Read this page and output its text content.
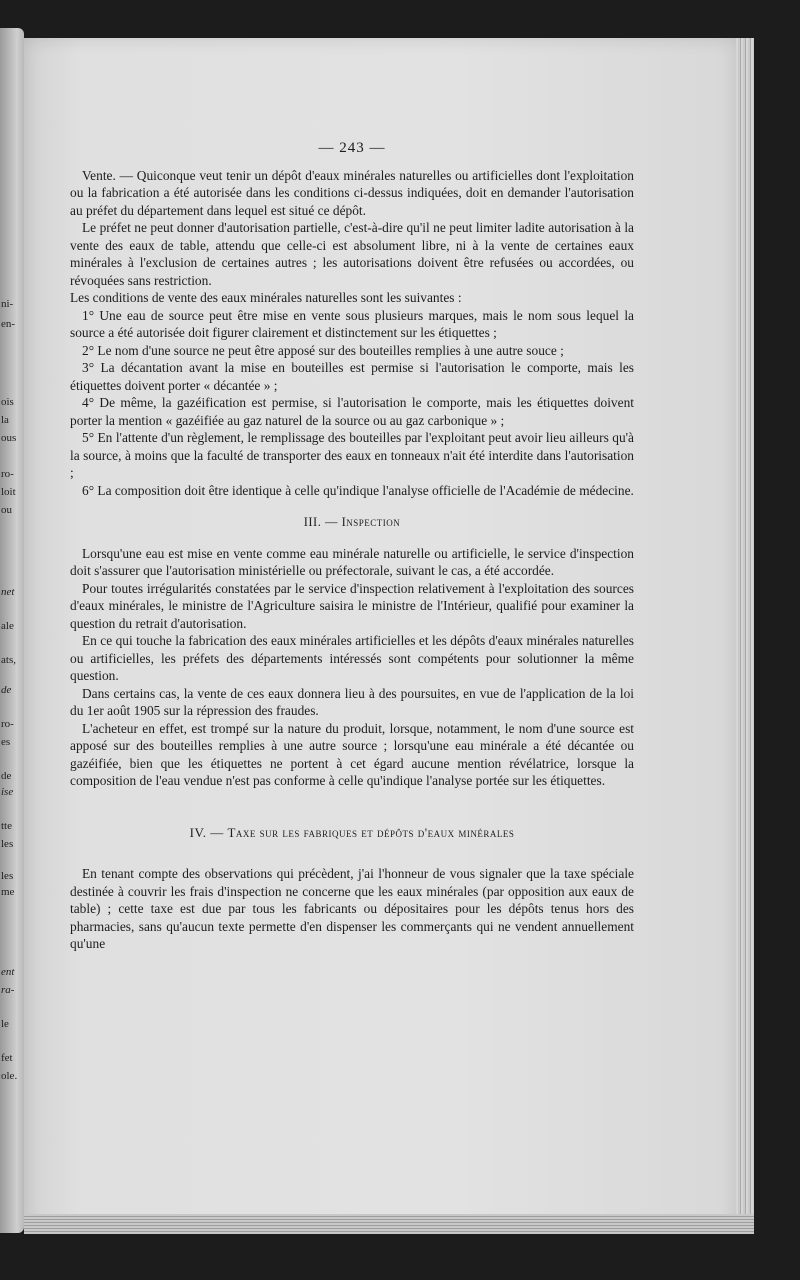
ni-
en-
ois
la
ous
ro-
loit
ou
net
ale
ats,
de
ro-
es
de
ise
tte
les
les
me
ent
ra-
le
fet
ole.
— 243 —

Vente. — Quiconque veut tenir un dépôt d'eaux minérales naturelles ou artificielles dont l'exploitation ou la fabrication a été autorisée dans les conditions ci-dessus indiquées, doit en demander l'autorisation au préfet du département dans lequel est situé ce dépôt.

Le préfet ne peut donner d'autorisation partielle, c'est-à-dire qu'il ne peut limiter ladite autorisation à la vente des eaux de table, attendu que celle-ci est absolument libre, ni à la vente de certaines eaux minérales à l'exclusion de certaines autres ; les autorisations doivent être refusées ou accordées, ou révoquées sans restriction.

Les conditions de vente des eaux minérales naturelles sont les suivantes :

1° Une eau de source peut être mise en vente sous plusieurs marques, mais le nom sous lequel la source a été autorisée doit figurer clairement et distinctement sur les étiquettes ;

2° Le nom d'une source ne peut être apposé sur des bouteilles remplies à une autre souce ;

3° La décantation avant la mise en bouteilles est permise si l'autorisation le comporte, mais les étiquettes doivent porter « décantée » ;

4° De même, la gazéification est permise, si l'autorisation le comporte, mais les étiquettes doivent porter la mention « gazéifiée au gaz naturel de la source ou au gaz carbonique » ;

5° En l'attente d'un règlement, le remplissage des bouteilles par l'exploitant peut avoir lieu ailleurs qu'à la source, à moins que la faculté de transporter des eaux en tonneaux n'ait été interdite dans l'autorisation ;

6° La composition doit être identique à celle qu'indique l'analyse officielle de l'Académie de médecine.

III. — Inspection

Lorsqu'une eau est mise en vente comme eau minérale naturelle ou artificielle, le service d'inspection doit s'assurer que l'autorisation ministérielle ou préfectorale, suivant le cas, a été accordée.

Pour toutes irrégularités constatées par le service d'inspection relativement à l'exploitation des sources d'eaux minérales, le ministre de l'Agriculture saisira le ministre de l'Intérieur, qualifié pour examiner la question du retrait d'autorisation.

En ce qui touche la fabrication des eaux minérales artificielles et les dépôts d'eaux minérales naturelles ou artificielles, les préfets des départements intéressés sont compétents pour solutionner la même question.

Dans certains cas, la vente de ces eaux donnera lieu à des poursuites, en vue de l'application de la loi du 1er août 1905 sur la répression des fraudes.

L'acheteur en effet, est trompé sur la nature du produit, lorsque, notamment, le nom d'une source est apposé sur des bouteilles remplies à une autre source ; lorsqu'une eau minérale a été décantée ou gazéifiée, bien que les étiquettes ne portent à cet égard aucune mention révélatrice, lorsque la composition de l'eau vendue n'est pas conforme à celle qu'indique l'analyse portée sur les étiquettes.

IV. — Taxe sur les fabriques et dépôts d'eaux minérales

En tenant compte des observations qui précèdent, j'ai l'honneur de vous signaler que la taxe spéciale destinée à couvrir les frais d'inspection ne concerne que les eaux minérales (par opposition aux eaux de table) ; cette taxe est due par tous les fabricants ou dépositaires pour les dépôts tenus hors des pharmacies, sans qu'aucun texte permette d'en dispenser les commerçants qui ne vendent annuellement qu'une
